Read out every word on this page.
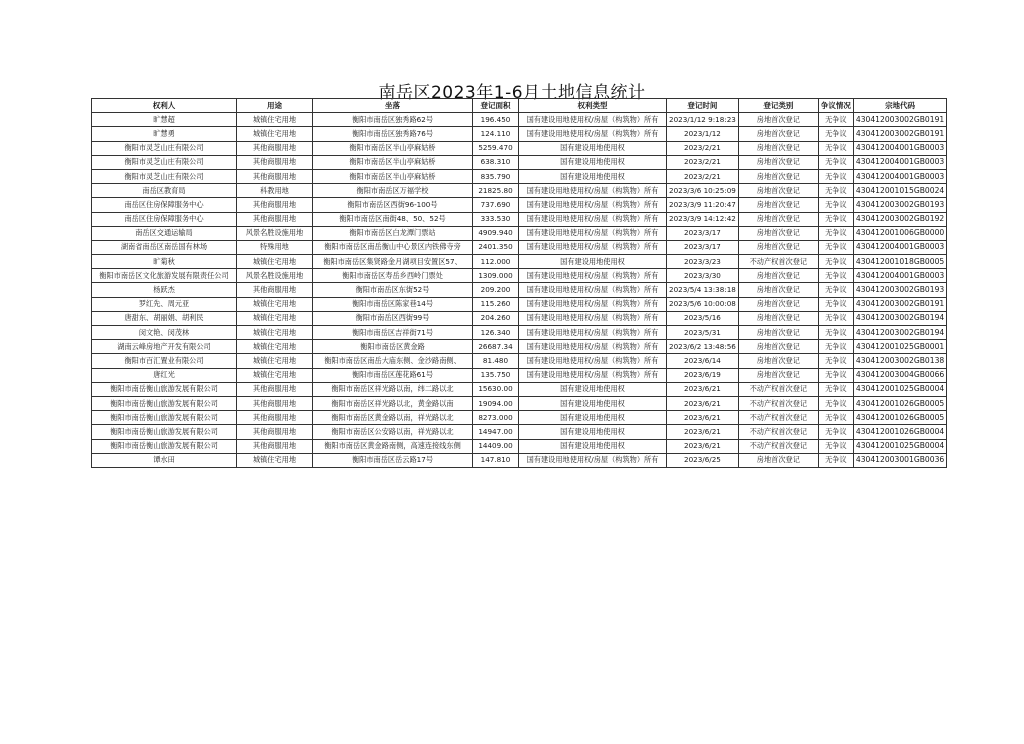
南岳区2023年1-6月土地信息统计
权利人	用途	坐落	登记面积	权利类型	登记时间	登记类别	争议情况	宗地代码
旷慧超	城镇住宅用地	衡阳市南岳区独秀路62号	196.450	国有建设用地使用权/房屋（构筑物）所有	2023/1/12 9:18:23	房地首次登记	无争议	430412003002GB0191
旷慧勇	城镇住宅用地	衡阳市南岳区独秀路76号	124.110	国有建设用地使用权/房屋（构筑物）所有	2023/1/12	房地首次登记	无争议	430412003002GB0191
衡阳市灵芝山庄有限公司	其他商服用地	衡阳市南岳区半山亭麻姑桥	5259.470	国有建设用地使用权	2023/2/21	房地首次登记	无争议	430412004001GB0003
衡阳市灵芝山庄有限公司	其他商服用地	衡阳市南岳区半山亭麻姑桥	638.310	国有建设用地使用权	2023/2/21	房地首次登记	无争议	430412004001GB0003
衡阳市灵芝山庄有限公司	其他商服用地	衡阳市南岳区半山亭麻姑桥	835.790	国有建设用地使用权	2023/2/21	房地首次登记	无争议	430412004001GB0003
南岳区教育局	科教用地	衡阳市南岳区万福学校	21825.80	国有建设用地使用权/房屋（构筑物）所有	2023/3/6 10:25:09	房地首次登记	无争议	430412001015GB0024
南岳区住房保障服务中心	其他商服用地	衡阳市南岳区西街96-100号	737.690	国有建设用地使用权/房屋（构筑物）所有	2023/3/9 11:20:47	房地首次登记	无争议	430412003002GB0193
南岳区住房保障服务中心	其他商服用地	衡阳市南岳区南街48、50、52号	333.530	国有建设用地使用权/房屋（构筑物）所有	2023/3/9 14:12:42	房地首次登记	无争议	430412003002GB0192
南岳区交通运输局	风景名胜设施用地	衡阳市南岳区白龙潭门票站	4909.940	国有建设用地使用权/房屋（构筑物）所有	2023/3/17	房地首次登记	无争议	430412001006GB0000
湖南省南岳区南岳国有林场	特殊用地	衡阳市南岳区南岳衡山中心景区内铁佛寺旁	2401.350	国有建设用地使用权/房屋（构筑物）所有	2023/3/17	房地首次登记	无争议	430412004001GB0003
旷菊秋	城镇住宅用地	衡阳市南岳区集贤路金月湖项目安置区57、	112.000	国有建设用地使用权	2023/3/23	不动产权首次登记	无争议	430412001018GB0005
衡阳市南岳区文化旅游发展有限责任公司	风景名胜设施用地	衡阳市南岳区寿岳乡西岭门票处	1309.000	国有建设用地使用权/房屋（构筑物）所有	2023/3/30	房地首次登记	无争议	430412004001GB0003
杨跃杰	其他商服用地	衡阳市南岳区东街52号	209.200	国有建设用地使用权/房屋（构筑物）所有	2023/5/4 13:38:18	房地首次登记	无争议	430412003002GB0193
罗红先、周元亚	城镇住宅用地	衡阳市南岳区陈家巷14号	115.260	国有建设用地使用权/房屋（构筑物）所有	2023/5/6 10:00:08	房地首次登记	无争议	430412003002GB0191
唐甜东、胡丽娟、胡利民	城镇住宅用地	衡阳市南岳区西街99号	204.260	国有建设用地使用权/房屋（构筑物）所有	2023/5/16	房地首次登记	无争议	430412003002GB0194
闵文艳、闵茂林	城镇住宅用地	衡阳市南岳区吉祥街71号	126.340	国有建设用地使用权/房屋（构筑物）所有	2023/5/31	房地首次登记	无争议	430412003002GB0194
湖南云峰房地产开发有限公司	城镇住宅用地	衡阳市南岳区黄金路	26687.34	国有建设用地使用权/房屋（构筑物）所有	2023/6/2 13:48:56	房地首次登记	无争议	430412001025GB0001
衡阳市百汇置业有限公司	城镇住宅用地	衡阳市南岳区南岳大庙东侧、金沙路南侧、	81.480	国有建设用地使用权/房屋（构筑物）所有	2023/6/14	房地首次登记	无争议	430412003002GB0138
唐红光	城镇住宅用地	衡阳市南岳区莲花路61号	135.750	国有建设用地使用权/房屋（构筑物）所有	2023/6/19	房地首次登记	无争议	430412003004GB0066
衡阳市南岳衡山旅游发展有限公司	其他商服用地	衡阳市南岳区祥光路以南，纬二路以北	15630.00	国有建设用地使用权	2023/6/21	不动产权首次登记	无争议	430412001025GB0004
衡阳市南岳衡山旅游发展有限公司	其他商服用地	衡阳市南岳区祥光路以北，黄金路以南	19094.00	国有建设用地使用权	2023/6/21	不动产权首次登记	无争议	430412001026GB0005
衡阳市南岳衡山旅游发展有限公司	其他商服用地	衡阳市南岳区黄金路以南，祥光路以北	8273.000	国有建设用地使用权	2023/6/21	不动产权首次登记	无争议	430412001026GB0005
衡阳市南岳衡山旅游发展有限公司	其他商服用地	衡阳市南岳区公安路以南，祥光路以北	14947.00	国有建设用地使用权	2023/6/21	不动产权首次登记	无争议	430412001026GB0004
衡阳市南岳衡山旅游发展有限公司	其他商服用地	衡阳市南岳区黄金路南侧，高速连接线东侧	14409.00	国有建设用地使用权	2023/6/21	不动产权首次登记	无争议	430412001025GB0004
谭水田	城镇住宅用地	衡阳市南岳区岳云路17号	147.810	国有建设用地使用权/房屋（构筑物）所有	2023/6/25	房地首次登记	无争议	430412003001GB0036
